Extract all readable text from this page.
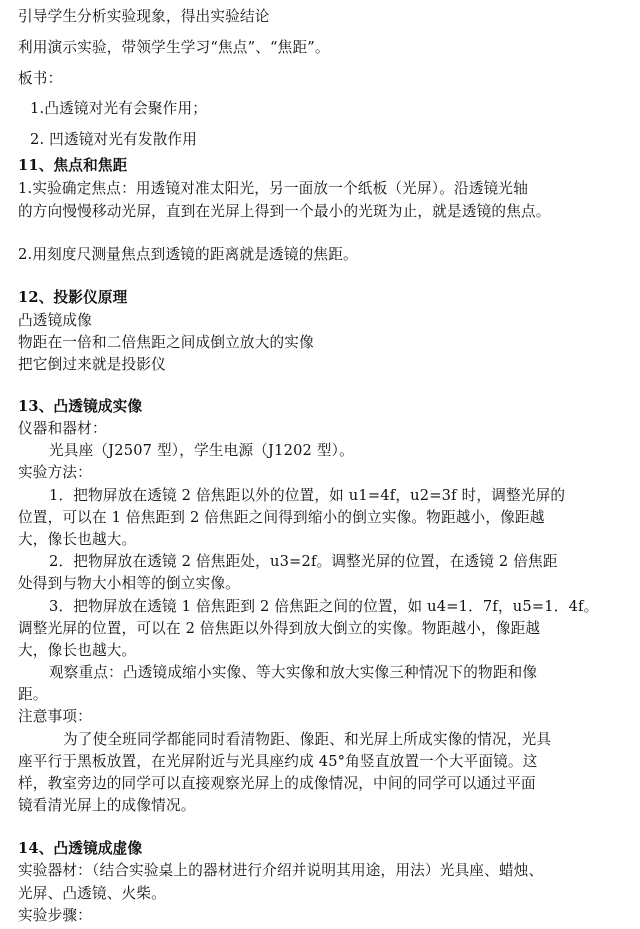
引导学生分析实验现象，得出实验结论
利用演示实验，带领学生学习“焦点”、“焦距”。
板书：
1.凸透镜对光有会聚作用；
2. 凹透镜对光有发散作用
11、焦点和焦距
1.实验确定焦点：用透镜对准太阳光，另一面放一个纸板（光屏）。沿透镜光轴
的方向慢慢移动光屏，直到在光屏上得到一个最小的光斑为止，就是透镜的焦点。
2.用刻度尺测量焦点到透镜的距离就是透镜的焦距。
12、投影仪原理
凸透镜成像
物距在一倍和二倍焦距之间成倒立放大的实像
把它倒过来就是投影仪
13、凸透镜成实像
仪器和器材：
光具座（J2507 型），学生电源（J1202 型）。
实验方法：
1．把物屏放在透镜 2 倍焦距以外的位置，如 u1=4f，u2=3f 时，调整光屏的
位置，可以在 1 倍焦距到 2 倍焦距之间得到缩小的倒立实像。物距越小，像距越
大，像长也越大。
2．把物屏放在透镜 2 倍焦距处，u3=2f。调整光屏的位置，在透镜 2 倍焦距
处得到与物大小相等的倒立实像。
3．把物屏放在透镜 1 倍焦距到 2 倍焦距之间的位置，如 u4=1．7f，u5=1．4f。
调整光屏的位置，可以在 2 倍焦距以外得到放大倒立的实像。物距越小，像距越
大，像长也越大。
观察重点：凸透镜成缩小实像、等大实像和放大实像三种情况下的物距和像
距。
注意事项：
为了使全班同学都能同时看清物距、像距、和光屏上所成实像的情况，光具
座平行于黑板放置，在光屏附近与光具座约成 45°角竖直放置一个大平面镜。这
样，教室旁边的同学可以直接观察光屏上的成像情况，中间的同学可以通过平面
镜看清光屏上的成像情况。
14、凸透镜成虚像
实验器材：（结合实验桌上的器材进行介绍并说明其用途，用法）光具座、蜡烛、
光屏、凸透镜、火柴。
实验步骤：
